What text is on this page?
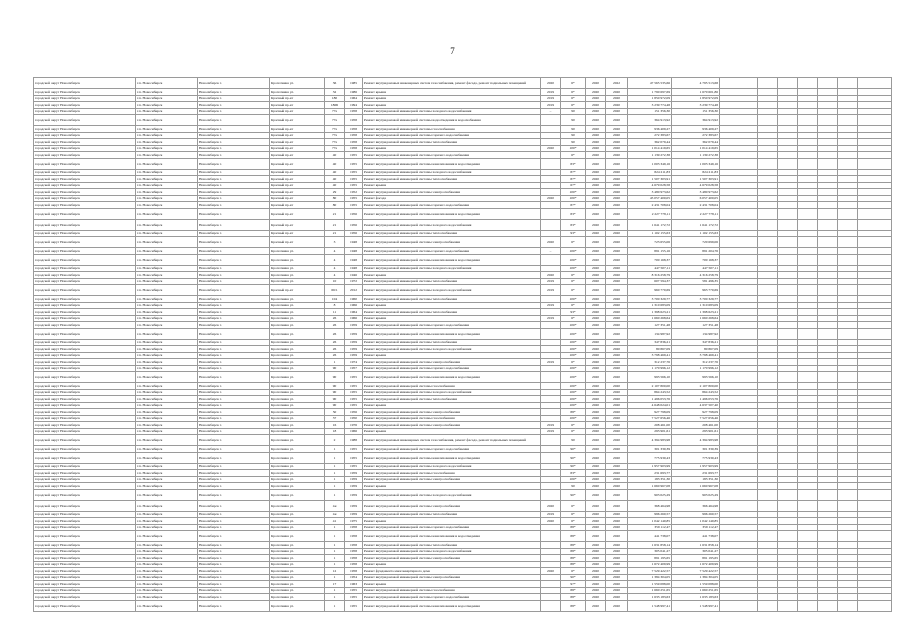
7
городской округ Новосибирск	г.п. Новосибирск	Новосибирск г.	Кропоткина ул.	36	1985	Ремонт внутридомовых инженерных систем газоснабжения, ремонт фасада, ремонт подвальных помещений	2020	6*	2020	2022	47 565 535,66	4 795 513,68							
городской округ Новосибирск	г.п. Новосибирск	Новосибирск г.	Кропоткина ул.	32	1986	Ремонт крыши	2019	6*	2020	2020	1 790 697,69	1 670 601,86							
городской округ Новосибирск	г.п. Новосибирск	Новосибирск г.	Красный пр-кт	180	1964	Ремонт крыши	2019	6*	2020	2020	1 850 972,09	1 850 972,09							
городской округ Новосибирск	г.п. Новосибирск	Новосибирск г.	Красный пр-кт	186Б	1994	Ремонт крыши	2019	6*	2020	2020	3 239 774,48	3 239 774,48							
городской округ Новосибирск	г.п. Новосибирск	Новосибирск г.	Красный пр-кт	77а	1958	Ремонт внутридомовой инженерной системы холодного водоснабжения	–	90	2020	2020	151 356,30	151 356,30							
городской округ Новосибирск	г.п. Новосибирск	Новосибирск г.	Красный пр-кт	77а	1958	Ремонт внутридомовой инженерной системы водоотведения и водоснабжения		90	2020	2020	364 913,92	364 913,92							
городской округ Новосибирск	г.п. Новосибирск	Новосибирск г.	Красный пр-кт	77а	1958	Ремонт внутридомовой инженерной системы газоснабжения		90	2020	2020	936 409,27	936 409,27							
городской округ Новосибирск	г.п. Новосибирск	Новосибирск г.	Красный пр-кт	77а	1958	Ремонт внутридомовой инженерной системы горячего водоснабжения		90	2020	2020	272 383,67	272 383,67							
городской округ Новосибирск	г.п. Новосибирск	Новосибирск г.	Красный пр-кт	77а	1958	Ремонт внутридомовой инженерной системы теплоснабжения		90	2020	2020	362 079,44	362 079,44							
городской округ Новосибирск	г.п. Новосибирск	Новосибирск г.	Красный пр-кт	77а	1958	Ремонт крыши	2020	100*	2020	2020	1 014 419,65	1 014 419,65							
городской округ Новосибирск	г.п. Новосибирск	Новосибирск г.	Красный пр-кт	40	1955	Ремонт внутридомовой инженерной системы горячего водоснабжения		6*	2020	2020	1 139 272,38	1 139 272,38							
городской округ Новосибирск	г.п. Новосибирск	Новосибирск г.	Красный пр-кт	40	1955	Ремонт внутридомовой инженерной системы канализования и водоотведения		83*	2020	2020	1 003 349,16	1 003 349,16							
городской округ Новосибирск	г.п. Новосибирск	Новосибирск г.	Красный пр-кт	40	1955	Ремонт внутридомовой инженерной системы холодного водоснабжения		87*	2020	2020	824 211,83	824 211,83							
городской округ Новосибирск	г.п. Новосибирск	Новосибирск г.	Красный пр-кт	40	1955	Ремонт внутридомовой инженерной системы теплоснабжения		87*	2020	2020	1 507 303,91	1 507 303,91							
городской округ Новосибирск	г.п. Новосибирск	Новосибирск г.	Красный пр-кт	40	1955	Ремонт крыши		67*	2020	2020	4 679 028,58	4 679 028,58							
городской округ Новосибирск	г.п. Новосибирск	Новосибирск г.	Красный пр-кт	29	1952	Ремонт внутридомовой инженерной системы электроснабжения		100*	2020	2020	3 480 973,62	3 480 973,62							
городской округ Новосибирск	г.п. Новосибирск	Новосибирск г.	Красный пр-кт	80	1955	Ремонт фасада	2020	100*	2020	2020	45 057 400,05	6 057 400,05							
городской округ Новосибирск	г.п. Новосибирск	Новосибирск г.	Красный пр-кт	80	1955	Ремонт внутридомовой инженерной системы горячего водоснабжения		87*	2020	2020	2 431 708,04	2 431 708,04							
городской округ Новосибирск	г.п. Новосибирск	Новосибирск г.	Красный пр-кт	21	1956	Ремонт внутридомовой инженерной системы канализования и водоотведения		83*	2020	2020	2 227 778,11	2 227 778,11							
городской округ Новосибирск	г.п. Новосибирск	Новосибирск г.	Красный пр-кт	21	1956	Ремонт внутридомовой инженерной системы холодного водоснабжения		83*	2020	2020	1 641 172,72	1 641 172,72							
городской округ Новосибирск	г.п. Новосибирск	Новосибирск г.	Красный пр-кт	21	1956	Ремонт внутридомовой инженерной системы теплоснабжения		93*	2020	2020	1 102 155,63	1 102 155,63							
городской округ Новосибирск	г.п. Новосибирск	Новосибирск г.	Красный пр-кт	3	1948	Ремонт внутридомовой инженерной системы электроснабжения	2020	6*	2020	2020	723 655,06	720 699,06							
городской округ Новосибирск	г.п. Новосибирск	Новосибирск г.	Кропоткина ул.	4	1948	Ремонт внутридомовой инженерной системы горячего водоснабжения	–	100*	2020	2020	891 155,16	891 204,76							
городской округ Новосибирск	г.п. Новосибирск	Новосибирск г.	Кропоткина ул.	4	1948	Ремонт внутридомовой инженерной системы канализования и водоотведения		100*	2020	2020	700 168,37	700 168,37							
городской округ Новосибирск	г.п. Новосибирск	Новосибирск г.	Кропоткина ул.	4	1948	Ремонт внутридомовой инженерной системы холодного водоснабжения		100*	2020	2020	447 507,11	447 507,11							
городской округ Новосибирск	г.п. Новосибирск	Новосибирск г.	Кропоткина ул.	4	1946	Ремонт крыши	2020	6*	2020	2020	8 316 258,79	4 316 258,79							
городской округ Новосибирск	г.п. Новосибирск	Новосибирск г.	Кропоткина ул.	10	1972	Ремонт внутридомовой инженерной системы теплоснабжения	2019	6*	2020	2020	607 594,37	581 496,35							
городской округ Новосибирск	г.п. Новосибирск	Новосибирск г.	Красный пр-кт	66/1	2012	Ремонт внутридомовой инженерной системы холодного водоснабжения	2019	6*	2020	2020	960 770,69	963 770,69							
городской округ Новосибирск	г.п. Новосибирск	Новосибирск г.	Кропоткина ул.	104	1960	Ремонт внутридомовой инженерной системы теплоснабжения		100*	2020	2020	3 700 329,77	3 700 329,77							
городской округ Новосибирск	г.п. Новосибирск	Новосибирск г.	Кропоткина ул.	8	1966	Ремонт крыши	2019	6*	2020	2020	1 310 683,09	1 310 683,09							
городской округ Новосибирск	г.п. Новосибирск	Новосибирск г.	Кропоткина ул.	11	1964	Ремонт внутридомовой инженерной системы теплоснабжения		93*	2020	2020	1 398 623,21	1 398 623,21							
городской округ Новосибирск	г.п. Новосибирск	Новосибирск г.	Кропоткина ул.	26	1966	Ремонт крыши	2019	6*	2020	2020	1 660 268,64	1 660 268,64							
городской округ Новосибирск	г.п. Новосибирск	Новосибирск г.	Кропоткина ул.	26	1959	Ремонт внутридомовой инженерной системы горячего водоснабжения		100*	2020	2020	127 351,48	127 351,48							
городской округ Новосибирск	г.п. Новосибирск	Новосибирск г.	Кропоткина ул.	26	1959	Ремонт внутридомовой инженерной системы канализования и водоотведения		100*	2020	2020	134 987,92	134 987,92							
городской округ Новосибирск	г.п. Новосибирск	Новосибирск г.	Кропоткина ул.	26	1959	Ремонт внутридомовой инженерной системы теплоснабжения		100*	2020	2020	347 836,21	347 836,21							
городской округ Новосибирск	г.п. Новосибирск	Новосибирск г.	Кропоткина ул.	26	1959	Ремонт внутридомовой инженерной системы холодного водоснабжения		100*	2020	2020	80 867,09	80 867,09							
городской округ Новосибирск	г.п. Новосибирск	Новосибирск г.	Кропоткина ул.	26	1959	Ремонт крыши		100*	2020	2020	3 798 469,41	3 798 469,41							
городской округ Новосибирск	г.п. Новосибирск	Новосибирск г.	Кропоткина ул.	1	1974	Ремонт внутридомовой инженерной системы электроснабжения	2019	6*	2020	2020	312 237,76	312 237,76							
городской округ Новосибирск	г.п. Новосибирск	Новосибирск г.	Кропоткина ул.	90	1957	Ремонт внутридомовой инженерной системы горячего водоснабжения		100*	2020	2020	1 170 996,12	1 170 996,12							
городской округ Новосибирск	г.п. Новосибирск	Новосибирск г.	Кропоткина ул.	90	1955	Ремонт внутридомовой инженерной системы канализования и водоотведения		100*	2020	2020	993 566,10	993 566,10							
городской округ Новосибирск	г.п. Новосибирск	Новосибирск г.	Кропоткина ул.	90	1955	Ремонт внутридомовой инженерной системы газоснабжения		100*	2020	2020	2 107 800,00	2 107 800,00							
городской округ Новосибирск	г.п. Новосибирск	Новосибирск г.	Кропоткина ул.	90	1955	Ремонт внутридомовой инженерной системы холодного водоснабжения		100*	2020	2020	864 243,52	864 243,52							
городской округ Новосибирск	г.п. Новосибирск	Новосибирск г.	Кропоткина ул.	90	1955	Ремонт внутридомовой инженерной системы теплоснабжения		100*	2020	2020	1 496 053,76	1 496 053,76							
городской округ Новосибирск	г.п. Новосибирск	Новосибирск г.	Кропоткина ул.	90	1955	Ремонт крыши		100*	2020	2020	4 648 024,01	4 637 507,40							
городской округ Новосибирск	г.п. Новосибирск	Новосибирск г.	Кропоткина ул.	50	1956	Ремонт внутридомовой инженерной системы электроснабжения		88*	2020	2020	927 798,09	927 798,09							
городской округ Новосибирск	г.п. Новосибирск	Новосибирск г.	Кропоткина ул.	37	1950	Ремонт внутридомовой инженерной системы газоснабжения		100*	2020	2020	7 527 656,46	7 527 656,46							
городской округ Новосибирск	г.п. Новосибирск	Новосибирск г.	Кропоткина ул.	16	1976	Ремонт внутридомовой инженерной системы электроснабжения	2019	6*	2020	2020	208 461,00	208 461,00							
городской округ Новосибирск	г.п. Новосибирск	Новосибирск г.	Кропоткина ул.	18	1966	Ремонт крыши	2019	6*	2020	2020	293 901,61	293 901,61							
городской округ Новосибирск	г.п. Новосибирск	Новосибирск г.	Кропоткина ул.	2	1988	Ремонт внутридомовых инженерных систем газоснабжения, ремонт фасада, ремонт подвальных помещений		90	2020	2020	4 394 983,98	4 394 983,98							
городской округ Новосибирск	г.п. Новосибирск	Новосибирск г.	Кропоткина ул.	1	1955	Ремонт внутридомовой инженерной системы горячего водоснабжения		90*	2020	2020	301 330,39	301 330,39							
городской округ Новосибирск	г.п. Новосибирск	Новосибирск г.	Кропоткина ул.	1	1955	Ремонт внутридомовой инженерной системы канализования и водоотведения		90*	2020	2020	775 930,43	775 930,43							
городской округ Новосибирск	г.п. Новосибирск	Новосибирск г.	Кропоткина ул.	1	1955	Ремонт внутридомовой инженерной системы холодного водоснабжения		90*	2020	2020	1 957 903,99	1 957 903,99							
городской округ Новосибирск	г.п. Новосибирск	Новосибирск г.	Кропоткина ул.	1	1959	Ремонт внутридомовой инженерной системы газоснабжения		83*	2020	2020	231 693,77	231 693,77							
городской округ Новосибирск	г.п. Новосибирск	Новосибирск г.	Кропоткина ул.	1	1959	Ремонт внутридомовой инженерной системы электроснабжения		100*	2020	2020	183 351,30	183 351,30							
городской округ Новосибирск	г.п. Новосибирск	Новосибирск г.	Кропоткина ул.	1	1959	Ремонт крыши		90	2020	2020	1 660 967,08	1 660 967,08							
городской округ Новосибирск	г.п. Новосибирск	Новосибирск г.	Кропоткина ул.	1	1959	Ремонт внутридомовой инженерной системы холодного водоснабжения		90*	2020	2020	903 025,29	903 025,29							
городской округ Новосибирск	г.п. Новосибирск	Новосибирск г.	Кропоткина ул.	1ж	1959	Ремонт внутридомовой инженерной системы электроснабжения	2020	6*	2020	2020	368 464,98	366 464,98							
городской округ Новосибирск	г.п. Новосибирск	Новосибирск г.	Кропоткина ул.	1ж	1959	Ремонт внутридомовой инженерной системы теплоснабжения	2019	6*	2020	2020	996 260,57	996 260,57							
городской округ Новосибирск	г.п. Новосибирск	Новосибирск г.	Кропоткина ул.	41	1975	Ремонт крыши	2020	6*	2020	2020	1 042 140,85	1 042 140,85							
городской округ Новосибирск	г.п. Новосибирск	Новосибирск г.	Кропоткина ул.	1	1958	Ремонт внутридомовой инженерной системы горячего водоснабжения		88*	2020	2020	359 112,47	359 112,47							
городской округ Новосибирск	г.п. Новосибирск	Новосибирск г.	Кропоткина ул.	1	1958	Ремонт внутридомовой инженерной системы канализования и водоотведения		88*	2020	2020	441 738,07	441 738,07							
городской округ Новосибирск	г.п. Новосибирск	Новосибирск г.	Кропоткина ул.	1	1958	Ремонт внутридомовой инженерной системы теплоснабжения		88*	2020	2020	1 631 858,14	1 631 858,14							
городской округ Новосибирск	г.п. Новосибирск	Новосибирск г.	Кропоткина ул.	1	1958	Ремонт внутридомовой инженерной системы холодного водоснабжения		88*	2020	2020	305 041,27	305 041,27							
городской округ Новосибирск	г.п. Новосибирск	Новосибирск г.	Кропоткина ул.	1	1958	Ремонт внутридомовой инженерной системы электроснабжения		88*	2020	2020	891 195,65	891 195,65							
городской округ Новосибирск	г.п. Новосибирск	Новосибирск г.	Кропоткина ул.	1	1958	Ремонт крыши		88*	2020	2020	1 672 409,99	1 672 409,99							
городской округ Новосибирск	г.п. Новосибирск	Новосибирск г.	Кропоткина ул.	12	1958	Ремонт фундамента многоквартирного дома	2020	6*	2020	2020	7 529 422,57	7 529 422,57							
городской округ Новосибирск	г.п. Новосибирск	Новосибирск г.	Кропоткина ул.	1	1954	Ремонт внутридомовой инженерной системы электроснабжения		90*	2020	2020	1 384 304,05	1 384 304,05							
городской округ Новосибирск	г.п. Новосибирск	Новосибирск г.	Кропоткина ул.	17	1963	Ремонт крыши		97*	2020	2020	1 559 088,00	1 559 088,00							
городской округ Новосибирск	г.п. Новосибирск	Новосибирск г.	Кропоткина ул.	1	1955	Ремонт внутридомовой инженерной системы газоснабжения		88*	2020	2020	1 660 251,65	1 660 251,65							
городской округ Новосибирск	г.п. Новосибирск	Новосибирск г.	Кропоткина ул.	1	1955	Ремонт внутридомовой инженерной системы горячего водоснабжения		88*	2020	2020	1 633 183,63	1 633 183,63							
городской округ Новосибирск	г.п. Новосибирск	Новосибирск г.	Кропоткина ул.	1	1955	Ремонт внутридомовой инженерной системы канализования и водоотведения		88*	2020	2020	1 548 997,41	1 548 997,41							
